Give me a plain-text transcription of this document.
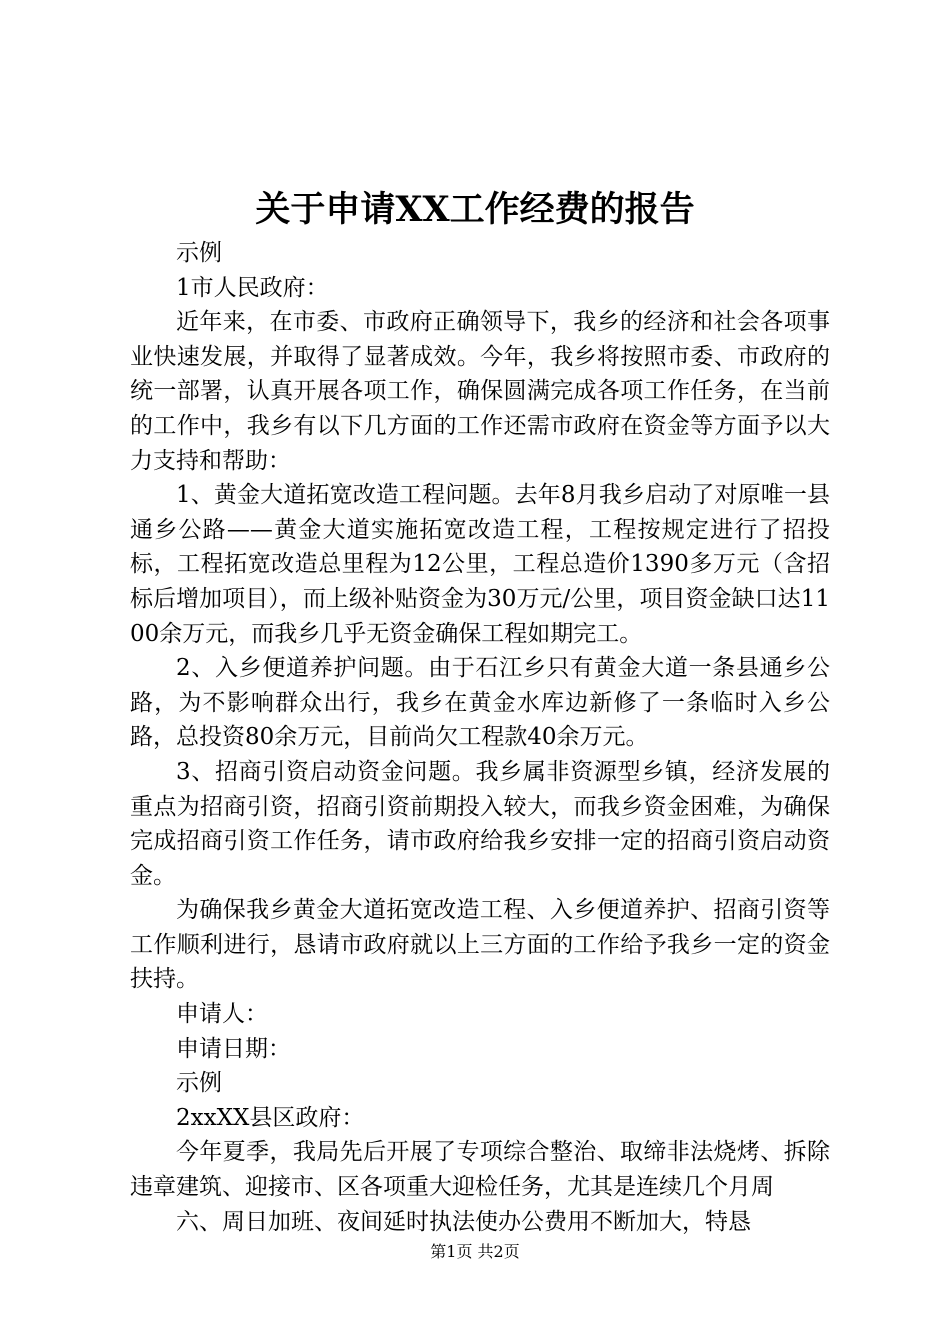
关于申请XX工作经费的报告

示例

1市人民政府：

近年来，在市委、市政府正确领导下，我乡的经济和社会各项事业快速发展，并取得了显著成效。今年，我乡将按照市委、市政府的统一部署，认真开展各项工作，确保圆满完成各项工作任务，在当前的工作中，我乡有以下几方面的工作还需市政府在资金等方面予以大力支持和帮助：

1、黄金大道拓宽改造工程问题。去年8月我乡启动了对原唯一县通乡公路——黄金大道实施拓宽改造工程，工程按规定进行了招投标，工程拓宽改造总里程为12公里，工程总造价1390多万元（含招标后增加项目），而上级补贴资金为30万元/公里，项目资金缺口达1100余万元，而我乡几乎无资金确保工程如期完工。

2、入乡便道养护问题。由于石江乡只有黄金大道一条县通乡公路，为不影响群众出行，我乡在黄金水库边新修了一条临时入乡公路，总投资80余万元，目前尚欠工程款40余万元。

3、招商引资启动资金问题。我乡属非资源型乡镇，经济发展的重点为招商引资，招商引资前期投入较大，而我乡资金困难，为确保完成招商引资工作任务，请市政府给我乡安排一定的招商引资启动资金。

为确保我乡黄金大道拓宽改造工程、入乡便道养护、招商引资等工作顺利进行，恳请市政府就以上三方面的工作给予我乡一定的资金扶持。

申请人：

申请日期：

示例

2xxXX县区政府：

今年夏季，我局先后开展了专项综合整治、取缔非法烧烤、拆除违章建筑、迎接市、区各项重大迎检任务，尤其是连续几个月周

六、周日加班、夜间延时执法使办公费用不断加大，特恳

第1页 共2页
